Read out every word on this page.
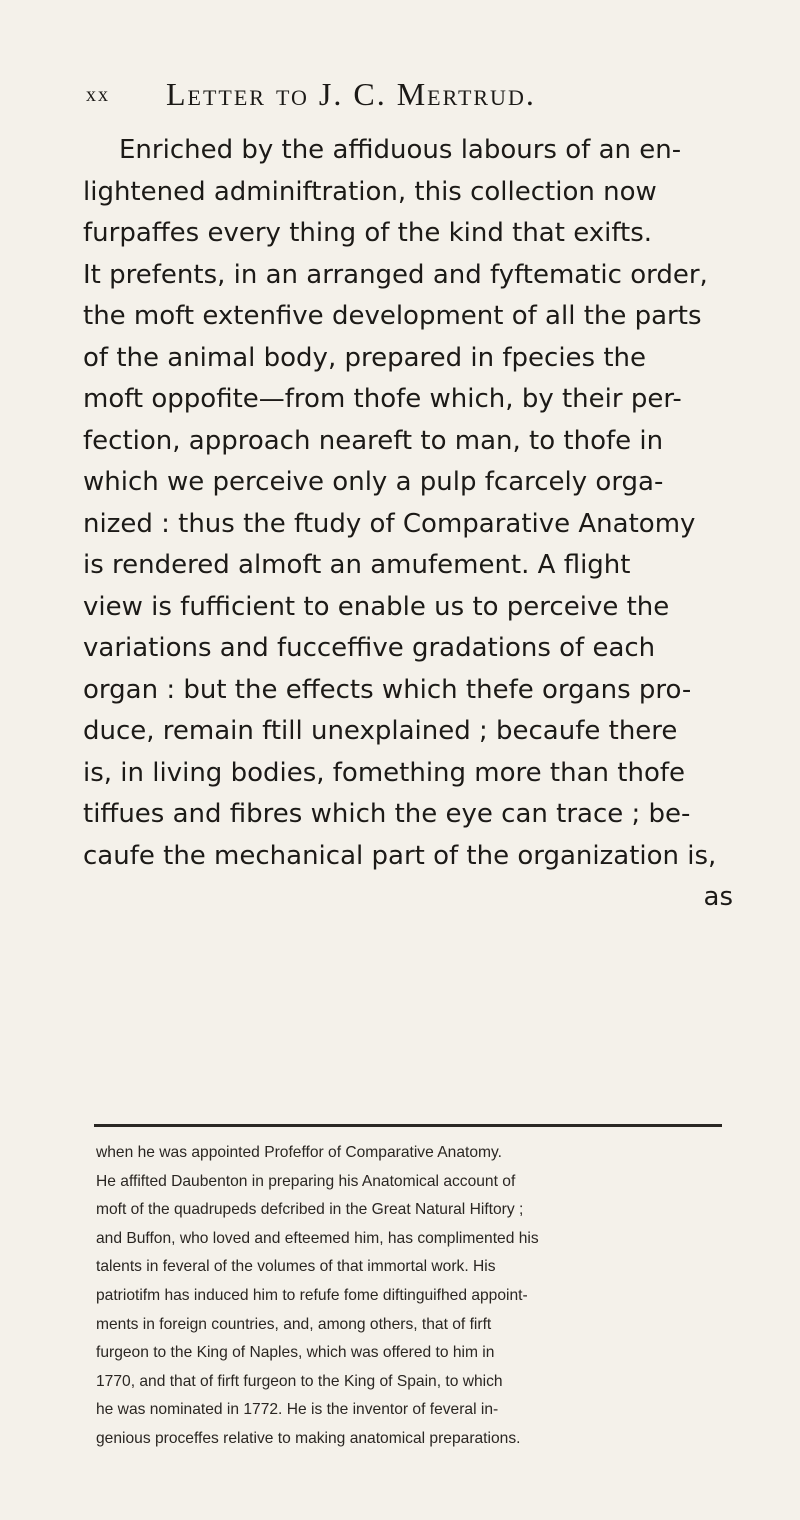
xx Letter to J. C. Mertrud.
Enriched by the affiduous labours of an en-
lightened adminiftration, this collection now
furpaffes every thing of the kind that exifts.
It prefents, in an arranged and fyftematic order,
the moft extenfive development of all the parts
of the animal body, prepared in fpecies the
moft oppofite—from thofe which, by their per-
fection, approach neareft to man, to thofe in
which we perceive only a pulp fcarcely orga-
nized : thus the ftudy of Comparative Anatomy
is rendered almoft an amufement. A flight
view is fufficient to enable us to perceive the
variations and fucceffive gradations of each
organ : but the effects which thefe organs pro-
duce, remain ftill unexplained ; becaufe there
is, in living bodies, fomething more than thofe
tiffues and fibres which the eye can trace ; be-
caufe the mechanical part of the organization is,
as
when he was appointed Profeffor of Comparative Anatomy.
He affifted Daubenton in preparing his Anatomical account of
moft of the quadrupeds defcribed in the Great Natural Hiftory ;
and Buffon, who loved and efteemed him, has complimented his
talents in feveral of the volumes of that immortal work. His
patriotifm has induced him to refufe fome diftinguifhed appoint-
ments in foreign countries, and, among others, that of firft
furgeon to the King of Naples, which was offered to him in
1770, and that of firft furgeon to the King of Spain, to which
he was nominated in 1772. He is the inventor of feveral in-
genious proceffes relative to making anatomical preparations.
